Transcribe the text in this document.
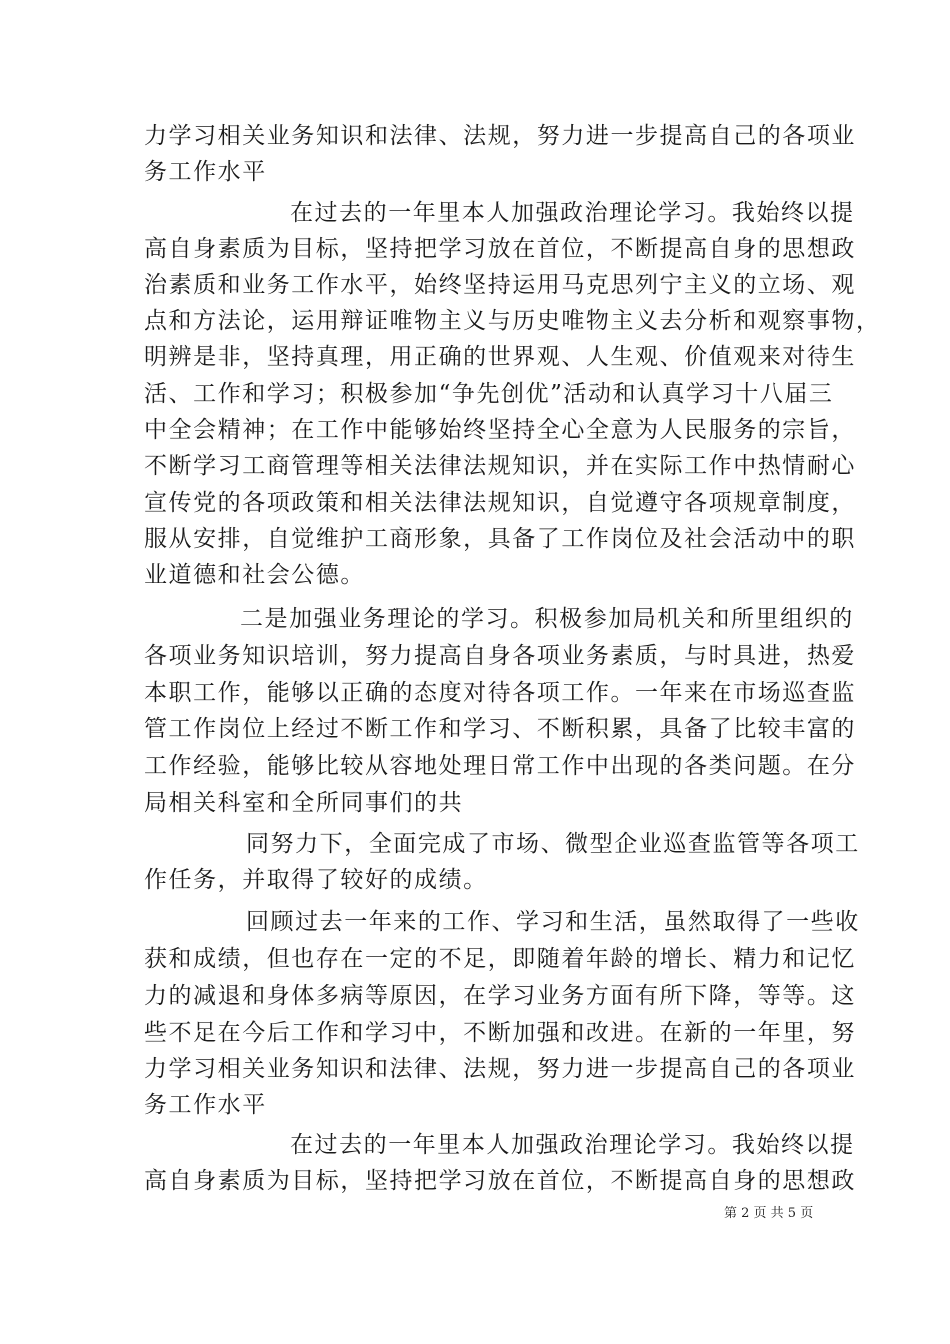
力学习相关业务知识和法律、法规，努力进一步提高自己的各项业
务工作水平
在过去的一年里本人加强政治理论学习。我始终以提
高自身素质为目标，坚持把学习放在首位，不断提高自身的思想政
治素质和业务工作水平，始终坚持运用马克思列宁主义的立场、观
点和方法论，运用辩证唯物主义与历史唯物主义去分析和观察事物，
明辨是非，坚持真理，用正确的世界观、人生观、价值观来对待生
活、工作和学习；积极参加“争先创优”活动和认真学习十八届三
中全会精神；在工作中能够始终坚持全心全意为人民服务的宗旨，
不断学习工商管理等相关法律法规知识，并在实际工作中热情耐心
宣传党的各项政策和相关法律法规知识，自觉遵守各项规章制度，
服从安排，自觉维护工商形象，具备了工作岗位及社会活动中的职
业道德和社会公德。
二是加强业务理论的学习。积极参加局机关和所里组织的
各项业务知识培训，努力提高自身各项业务素质，与时具进，热爱
本职工作，能够以正确的态度对待各项工作。一年来在市场巡查监
管工作岗位上经过不断工作和学习、不断积累，具备了比较丰富的
工作经验，能够比较从容地处理日常工作中出现的各类问题。在分
局相关科室和全所同事们的共
同努力下，全面完成了市场、微型企业巡查监管等各项工
作任务，并取得了较好的成绩。
回顾过去一年来的工作、学习和生活，虽然取得了一些收
获和成绩，但也存在一定的不足，即随着年龄的增长、精力和记忆
力的减退和身体多病等原因，在学习业务方面有所下降，等等。这
些不足在今后工作和学习中，不断加强和改进。在新的一年里，努
力学习相关业务知识和法律、法规，努力进一步提高自己的各项业
务工作水平
在过去的一年里本人加强政治理论学习。我始终以提
高自身素质为目标，坚持把学习放在首位，不断提高自身的思想政
第 2 页 共 5 页
